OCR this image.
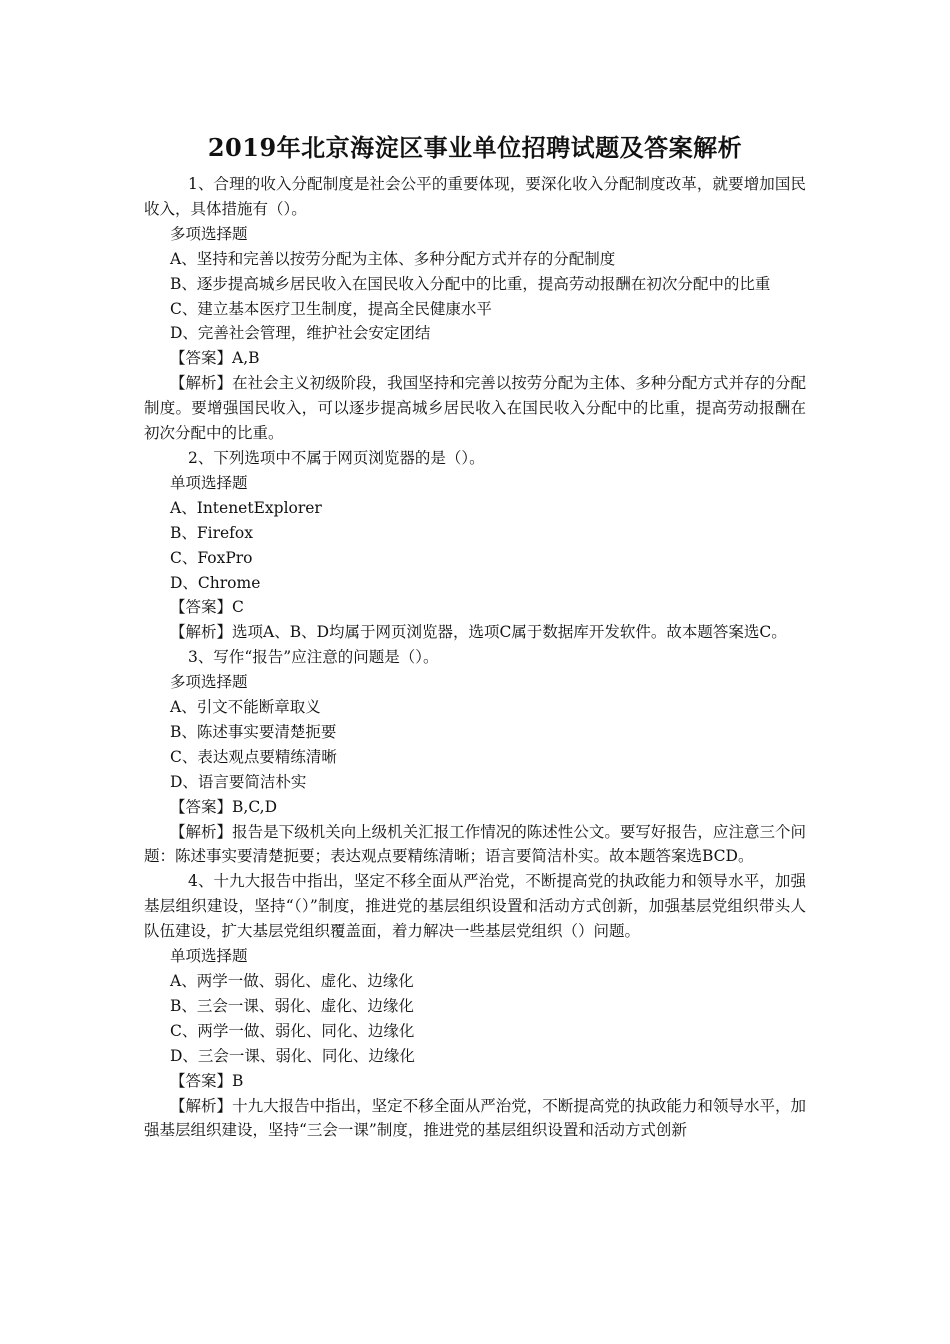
2019年北京海淀区事业单位招聘试题及答案解析

1、合理的收入分配制度是社会公平的重要体现，要深化收入分配制度改革，就要增加国民收入，具体措施有（）。

多项选择题

A、坚持和完善以按劳分配为主体、多种分配方式并存的分配制度

B、逐步提高城乡居民收入在国民收入分配中的比重，提高劳动报酬在初次分配中的比重

C、建立基本医疗卫生制度，提高全民健康水平

D、完善社会管理，维护社会安定团结

【答案】A,B

【解析】在社会主义初级阶段，我国坚持和完善以按劳分配为主体、多种分配方式并存的分配制度。要增强国民收入，可以逐步提高城乡居民收入在国民收入分配中的比重，提高劳动报酬在初次分配中的比重。

2、下列选项中不属于网页浏览器的是（）。

单项选择题

A、IntenetExplorer

B、Firefox

C、FoxPro

D、Chrome

【答案】C

【解析】选项A、B、D均属于网页浏览器，选项C属于数据库开发软件。故本题答案选C。

3、写作“报告”应注意的问题是（）。

多项选择题

A、引文不能断章取义

B、陈述事实要清楚扼要

C、表达观点要精练清晰

D、语言要简洁朴实

【答案】B,C,D

【解析】报告是下级机关向上级机关汇报工作情况的陈述性公文。要写好报告，应注意三个问题：陈述事实要清楚扼要；表达观点要精练清晰；语言要简洁朴实。故本题答案选BCD。

4、十九大报告中指出，坚定不移全面从严治党，不断提高党的执政能力和领导水平，加强基层组织建设，坚持“（）”制度，推进党的基层组织设置和活动方式创新，加强基层党组织带头人队伍建设，扩大基层党组织覆盖面，着力解决一些基层党组织（）问题。

单项选择题

A、两学一做、弱化、虚化、边缘化

B、三会一课、弱化、虚化、边缘化

C、两学一做、弱化、同化、边缘化

D、三会一课、弱化、同化、边缘化

【答案】B

【解析】十九大报告中指出，坚定不移全面从严治党，不断提高党的执政能力和领导水平，加强基层组织建设，坚持“三会一课”制度，推进党的基层组织设置和活动方式创新
